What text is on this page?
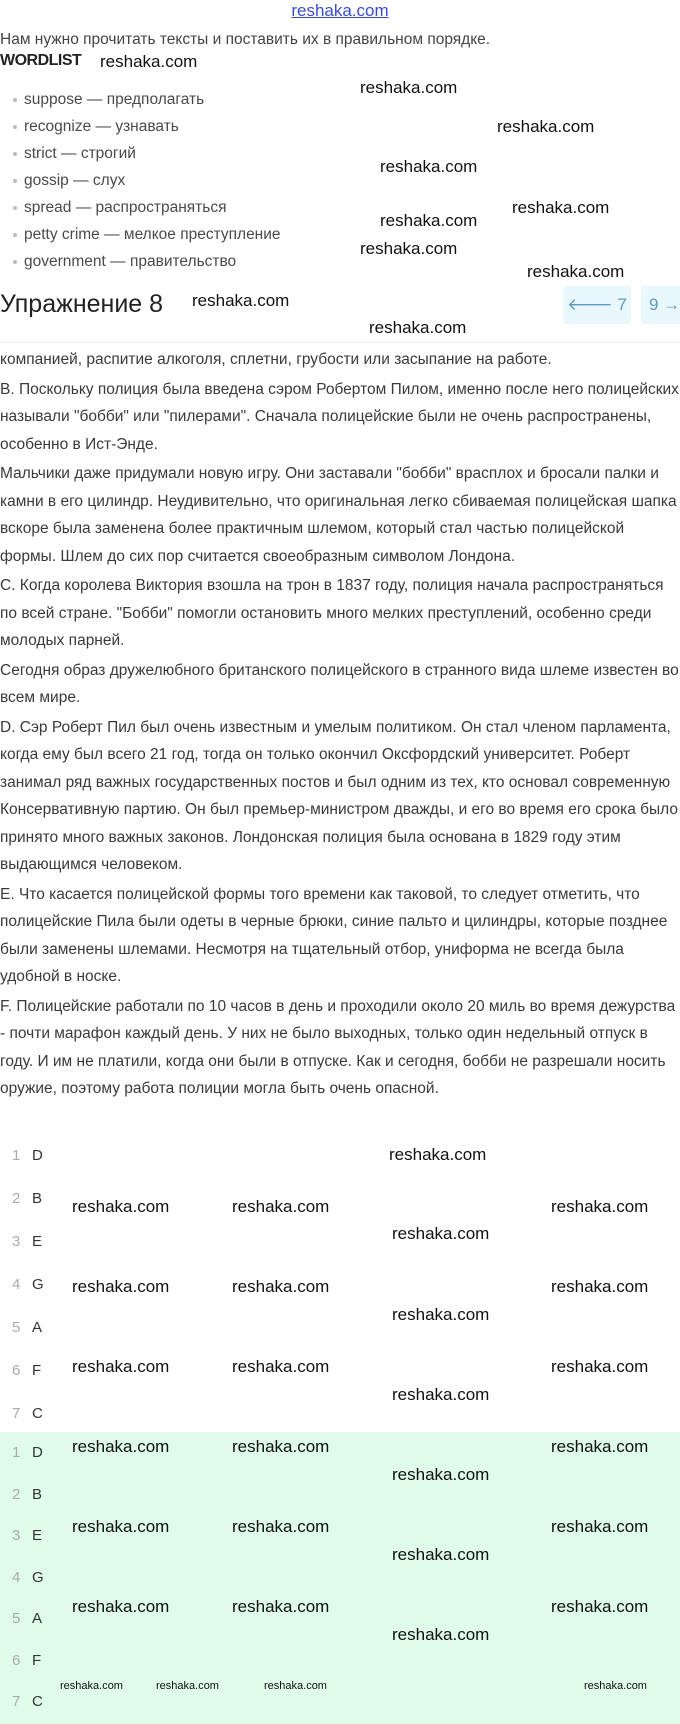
reshaka.com
Нам нужно прочитать тексты и поставить их в правильном порядке.
WORDLIST
suppose — предполагать
recognize — узнавать
strict — строгий
gossip — слух
spread — распространяться
petty crime — мелкое преступление
government — правительство
Упражнение 8	🡐 7	9 →

компанией, распитие алкоголя, сплетни, грубости или засыпание на работе.

B. Поскольку полиция была введена сэром Робертом Пилом, именно после него полицейских называли "бобби" или "пилерами". Сначала полицейские были не очень распространены, особенно в Ист-Энде.

Мальчики даже придумали новую игру. Они заставали "бобби" врасплох и бросали палки и камни в его цилиндр. Неудивительно, что оригинальная легко сбиваемая полицейская шапка вскоре была заменена более практичным шлемом, который стал частью полицейской формы. Шлем до сих пор считается своеобразным символом Лондона.

C. Когда королева Виктория взошла на трон в 1837 году, полиция начала распространяться по всей стране. "Бобби" помогли остановить много мелких преступлений, особенно среди молодых парней.

Сегодня образ дружелюбного британского полицейского в странного вида шлеме известен во всем мире.

D. Сэр Роберт Пил был очень известным и умелым политиком. Он стал членом парламента, когда ему был всего 21 год, тогда он только окончил Оксфордский университет. Роберт занимал ряд важных государственных постов и был одним из тех, кто основал современную Консервативную партию. Он был премьер-министром дважды, и его во время его срока было принято много важных законов. Лондонская полиция была основана в 1829 году этим выдающимся человеком.

E. Что касается полицейской формы того времени как таковой, то следует отметить, что полицейские Пила были одеты в черные брюки, синие пальто и цилиндры, которые позднее были заменены шлемами. Несмотря на тщательный отбор, униформа не всегда была удобной в носке.

F. Полицейские работали по 10 часов в день и проходили около 20 миль во время дежурства - почти марафон каждый день. У них не было выходных, только один недельный отпуск в году. И им не платили, когда они были в отпуске. Как и сегодня, бобби не разрешали носить оружие, поэтому работа полиции могла быть очень опасной.

1 D
2 B
3 E
4 G
5 A
6 F
7 C
1 D
2 B
3 E
4 G
5 A
6 F
7 C
reshaka.com
reshaka.com
reshaka.com
reshaka.com
reshaka.com
reshaka.com
reshaka.com
reshaka.com
reshaka.com
reshaka.com
reshaka.com
reshaka.com	reshaka.com	reshaka.com
reshaka.com
reshaka.com	reshaka.com	reshaka.com
reshaka.com
reshaka.com	reshaka.com	reshaka.com
reshaka.com
reshaka.com	reshaka.com	reshaka.com
reshaka.com
reshaka.com	reshaka.com	reshaka.com
reshaka.com
reshaka.com	reshaka.com	reshaka.com
reshaka.com
reshaka.com	reshaka.com	reshaka.com	reshaka.com
